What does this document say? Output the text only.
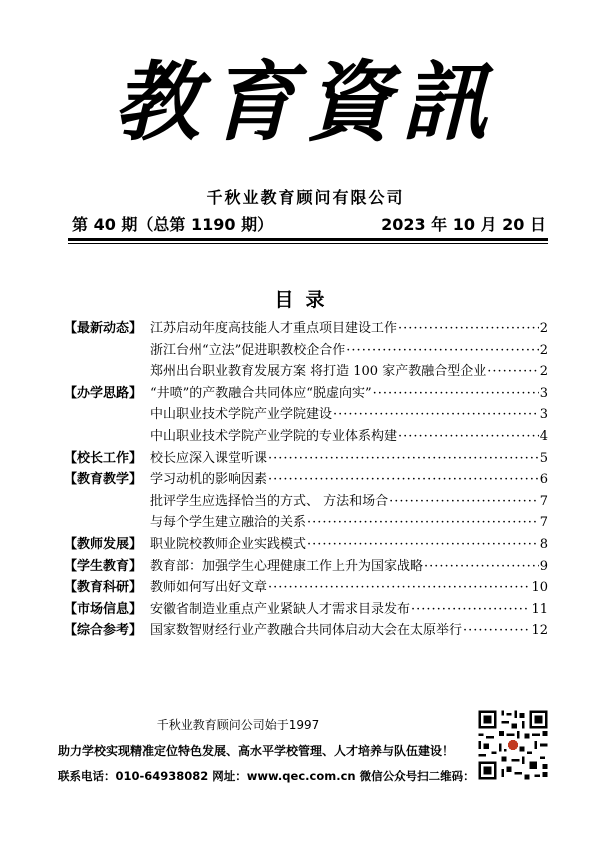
教育資訊
千秋业教育顾问有限公司
第 40 期（总第 1190 期）	2023 年 10 月 20 日
目录
【最新动态】 江苏启动年度高技能人才重点项目建设工作 ·····	2
浙江台州“立法”促进职教校企合作 ·····	2
郑州出台职业教育发展方案 将打造 100 家产教融合型企业 ·····	2
【办学思路】 “井喷”的产教融合共同体应“脱虚向实” ·····	3
中山职业技术学院产业学院建设 ·····	3
中山职业技术学院产业学院的专业体系构建 ·····	4
【校长工作】 校长应深入课堂听课 ·····	5
【教育教学】 学习动机的影响因素 ·····	6
批评学生应选择恰当的方式、 方法和场合 ·····	7
与每个学生建立融洽的关系 ·····	7
【教师发展】 职业院校教师企业实践模式 ·····	8
【学生教育】 教育部：加强学生心理健康工作上升为国家战略 ·····	9
【教育科研】 教师如何写出好文章 ·····	10
【市场信息】 安徽省制造业重点产业紧缺人才需求目录发布 ·····	11
【综合参考】 国家数智财经行业产教融合共同体启动大会在太原举行 ·····	12
千秋业教育顾问公司始于1997
助力学校实现精准定位特色发展、高水平学校管理、人才培养与队伍建设！
联系电话：010-64938082 网址：www.qec.com.cn 微信公众号扫二维码：
